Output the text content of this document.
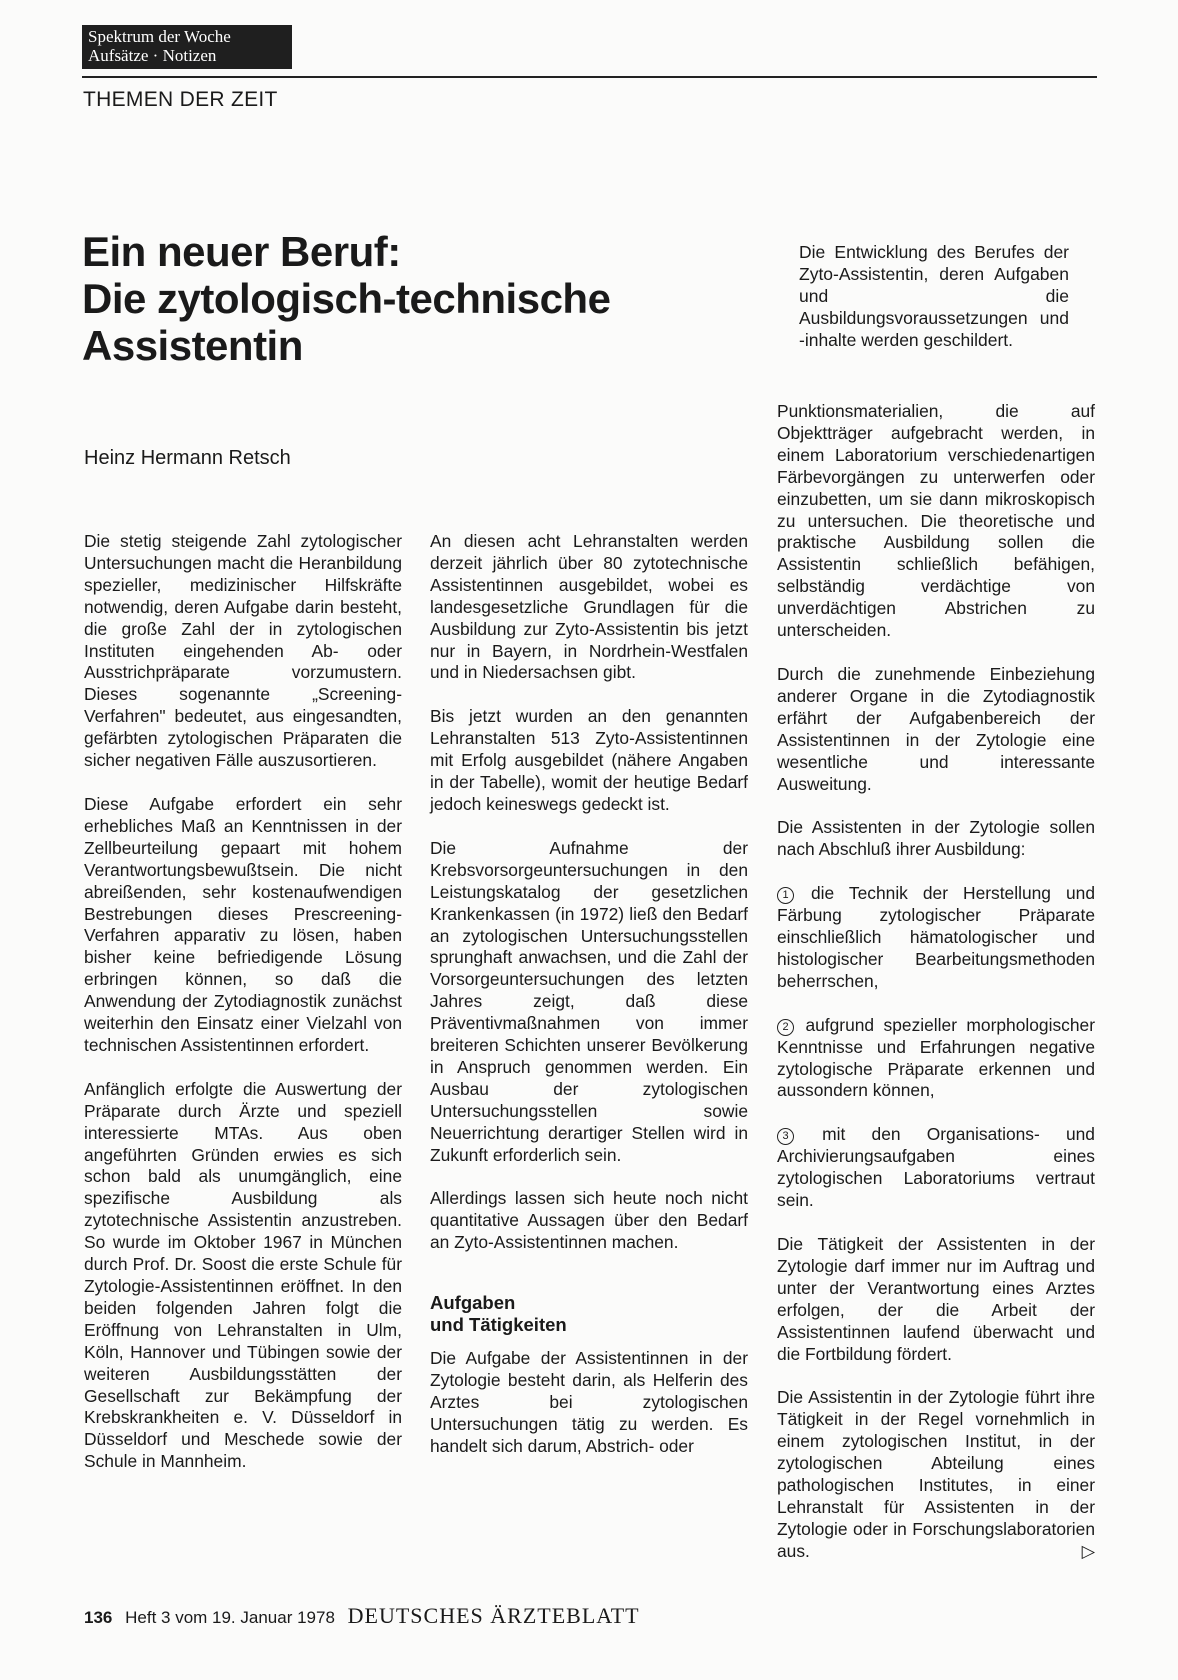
Spektrum der Woche
Aufsätze · Notizen
THEMEN DER ZEIT
Ein neuer Beruf:
Die zytologisch-technische
Assistentin
Die Entwicklung des Berufes der Zyto-Assistentin, deren Aufgaben und die Ausbildungsvoraussetzungen und -inhalte werden geschildert.
Heinz Hermann Retsch

Die stetig steigende Zahl zytologischer Untersuchungen macht die Heranbildung spezieller, medizinischer Hilfskräfte notwendig, deren Aufgabe darin besteht, die große Zahl der in zytologischen Instituten eingehenden Ab- oder Ausstrichpräparate vorzumustern. Dieses sogenannte „Screening-Verfahren" bedeutet, aus eingesandten, gefärbten zytologischen Präparaten die sicher negativen Fälle auszusortieren.

Diese Aufgabe erfordert ein sehr erhebliches Maß an Kenntnissen in der Zellbeurteilung gepaart mit hohem Verantwortungsbewußtsein. Die nicht abreißenden, sehr kostenaufwendigen Bestrebungen dieses Prescreening-Verfahren apparativ zu lösen, haben bisher keine befriedigende Lösung erbringen können, so daß die Anwendung der Zytodiagnostik zunächst weiterhin den Einsatz einer Vielzahl von technischen Assistentinnen erfordert.

Anfänglich erfolgte die Auswertung der Präparate durch Ärzte und speziell interessierte MTAs. Aus oben angeführten Gründen erwies es sich schon bald als unumgänglich, eine spezifische Ausbildung als zytotechnische Assistentin anzustreben. So wurde im Oktober 1967 in München durch Prof. Dr. Soost die erste Schule für Zytologie-Assistentinnen eröffnet. In den beiden folgenden Jahren folgt die Eröffnung von Lehranstalten in Ulm, Köln, Hannover und Tübingen sowie der weiteren Ausbildungsstätten der Gesellschaft zur Bekämpfung der Krebskrankheiten e. V. Düsseldorf in Düsseldorf und Meschede sowie der Schule in Mannheim.

An diesen acht Lehranstalten werden derzeit jährlich über 80 zytotechnische Assistentinnen ausgebildet, wobei es landesgesetzliche Grundlagen für die Ausbildung zur Zyto-Assistentin bis jetzt nur in Bayern, in Nordrhein-Westfalen und in Niedersachsen gibt.

Bis jetzt wurden an den genannten Lehranstalten 513 Zyto-Assistentinnen mit Erfolg ausgebildet (nähere Angaben in der Tabelle), womit der heutige Bedarf jedoch keineswegs gedeckt ist.

Die Aufnahme der Krebsvorsorgeuntersuchungen in den Leistungskatalog der gesetzlichen Krankenkassen (in 1972) ließ den Bedarf an zytologischen Untersuchungsstellen sprunghaft anwachsen, und die Zahl der Vorsorgeuntersuchungen des letzten Jahres zeigt, daß diese Präventivmaßnahmen von immer breiteren Schichten unserer Bevölkerung in Anspruch genommen werden. Ein Ausbau der zytologischen Untersuchungsstellen sowie Neuerrichtung derartiger Stellen wird in Zukunft erforderlich sein.

Allerdings lassen sich heute noch nicht quantitative Aussagen über den Bedarf an Zyto-Assistentinnen machen.

Aufgaben
und Tätigkeiten

Die Aufgabe der Assistentinnen in der Zytologie besteht darin, als Helferin des Arztes bei zytologischen Untersuchungen tätig zu werden. Es handelt sich darum, Abstrich- oder

Punktionsmaterialien, die auf Objektträger aufgebracht werden, in einem Laboratorium verschiedenartigen Färbevorgängen zu unterwerfen oder einzubetten, um sie dann mikroskopisch zu untersuchen. Die theoretische und praktische Ausbildung sollen die Assistentin schließlich befähigen, selbständig verdächtige von unverdächtigen Abstrichen zu unterscheiden.

Durch die zunehmende Einbeziehung anderer Organe in die Zytodiagnostik erfährt der Aufgabenbereich der Assistentinnen in der Zytologie eine wesentliche und interessante Ausweitung.

Die Assistenten in der Zytologie sollen nach Abschluß ihrer Ausbildung:

1 die Technik der Herstellung und Färbung zytologischer Präparate einschließlich hämatologischer und histologischer Bearbeitungsmethoden beherrschen,

2 aufgrund spezieller morphologischer Kenntnisse und Erfahrungen negative zytologische Präparate erkennen und aussondern können,

3 mit den Organisations- und Archivierungsaufgaben eines zytologischen Laboratoriums vertraut sein.

Die Tätigkeit der Assistenten in der Zytologie darf immer nur im Auftrag und unter der Verantwortung eines Arztes erfolgen, der die Arbeit der Assistentinnen laufend überwacht und die Fortbildung fördert.

Die Assistentin in der Zytologie führt ihre Tätigkeit in der Regel vornehmlich in einem zytologischen Institut, in der zytologischen Abteilung eines pathologischen Institutes, in einer Lehranstalt für Assistenten in der Zytologie oder in Forschungslaboratorien aus.	▷

136 Heft 3 vom 19. Januar 1978 DEUTSCHES ÄRZTEBLATT
